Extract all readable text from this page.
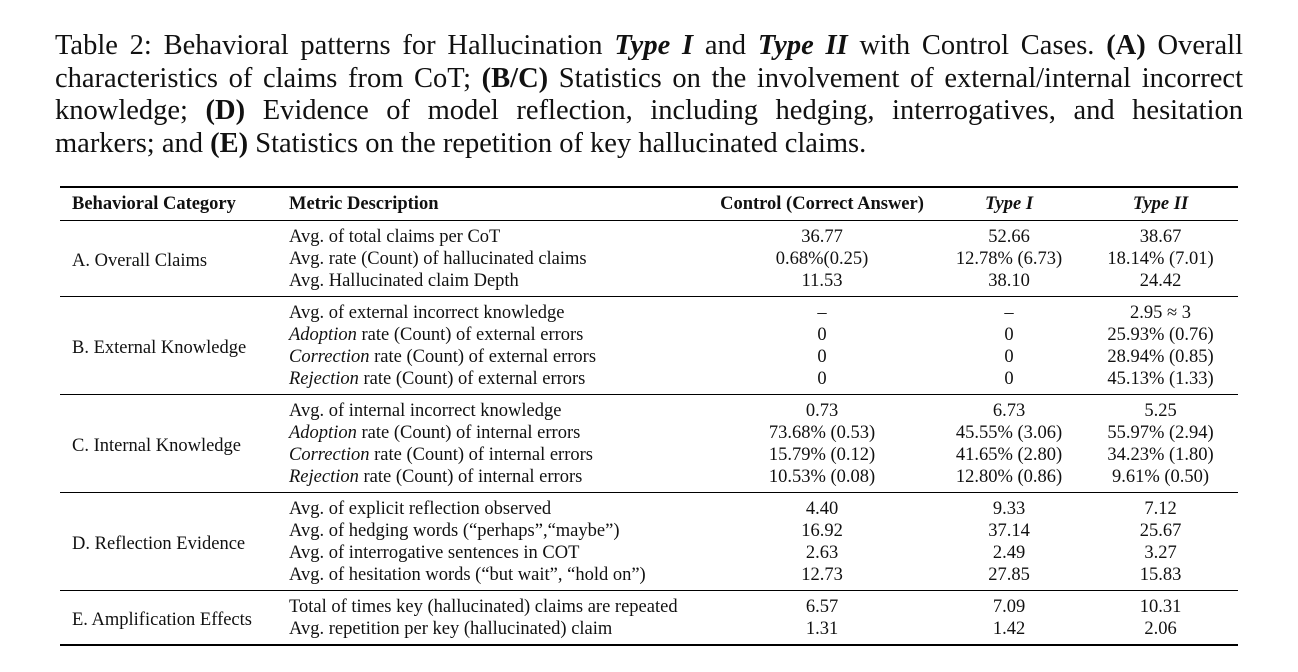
Table 2: Behavioral patterns for Hallucination Type I and Type II with Control Cases. (A) Overall characteristics of claims from CoT; (B/C) Statistics on the involvement of external/internal incorrect knowledge; (D) Evidence of model reflection, including hedging, interrogatives, and hesitation markers; and (E) Statistics on the repetition of key hallucinated claims.
Behavioral Category	Metric Description	Control (Correct Answer)	Type I	Type II
A. Overall Claims	Avg. of total claims per CoT	36.77	52.66	38.67
	Avg. rate (Count) of hallucinated claims	0.68%(0.25)	12.78% (6.73)	18.14% (7.01)
	Avg. Hallucinated claim Depth	11.53	38.10	24.42
B. External Knowledge	Avg. of external incorrect knowledge	–	–	2.95 ≈ 3
	Adoption rate (Count) of external errors	0	0	25.93% (0.76)
	Correction rate (Count) of external errors	0	0	28.94% (0.85)
	Rejection rate (Count) of external errors	0	0	45.13% (1.33)
C. Internal Knowledge	Avg. of internal incorrect knowledge	0.73	6.73	5.25
	Adoption rate (Count) of internal errors	73.68% (0.53)	45.55% (3.06)	55.97% (2.94)
	Correction rate (Count) of internal errors	15.79% (0.12)	41.65% (2.80)	34.23% (1.80)
	Rejection rate (Count) of internal errors	10.53% (0.08)	12.80% (0.86)	9.61% (0.50)
D. Reflection Evidence	Avg. of explicit reflection observed	4.40	9.33	7.12
	Avg. of hedging words (“perhaps”,“maybe”)	16.92	37.14	25.67
	Avg. of interrogative sentences in COT	2.63	2.49	3.27
	Avg. of hesitation words (“but wait”, “hold on”)	12.73	27.85	15.83
E. Amplification Effects	Total of times key (hallucinated) claims are repeated	6.57	7.09	10.31
	Avg. repetition per key (hallucinated) claim	1.31	1.42	2.06
